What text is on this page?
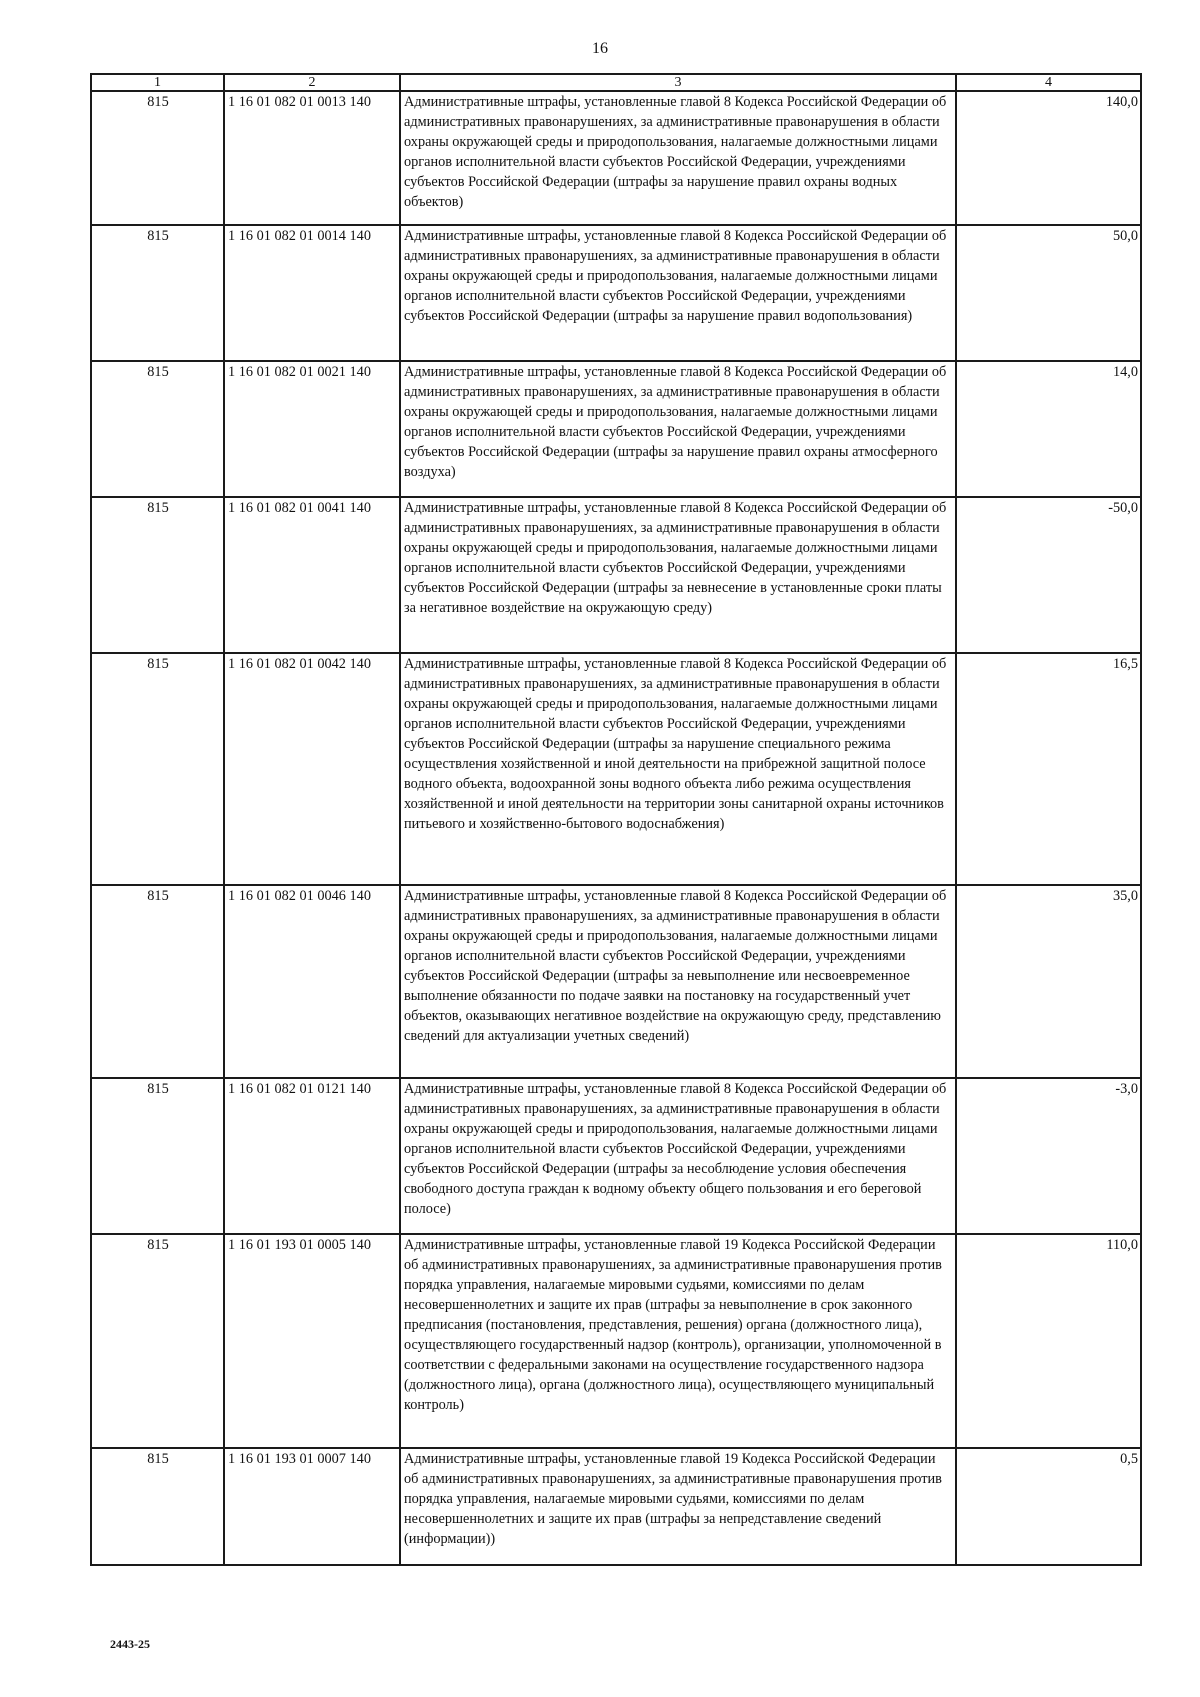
16
1	2	3	4
815	1 16 01 082 01 0013 140	Административные штрафы, установленные главой 8 Кодекса Российской Федерации об административных правонарушениях, за административные правонарушения в области охраны окружающей среды и природопользования, налагаемые должностными лицами органов исполнительной власти субъектов Российской Федерации, учреждениями субъектов Российской Федерации (штрафы за нарушение правил охраны водных объектов)	140,0
815	1 16 01 082 01 0014 140	Административные штрафы, установленные главой 8 Кодекса Российской Федерации об административных правонарушениях, за административные правонарушения в области охраны окружающей среды и природопользования, налагаемые должностными лицами органов исполнительной власти субъектов Российской Федерации, учреждениями субъектов Российской Федерации (штрафы за нарушение правил водопользования)	50,0
815	1 16 01 082 01 0021 140	Административные штрафы, установленные главой 8 Кодекса Российской Федерации об административных правонарушениях, за административные правонарушения в области охраны окружающей среды и природопользования, налагаемые должностными лицами органов исполнительной власти субъектов Российской Федерации, учреждениями субъектов Российской Федерации (штрафы за нарушение правил охраны атмосферного воздуха)	14,0
815	1 16 01 082 01 0041 140	Административные штрафы, установленные главой 8 Кодекса Российской Федерации об административных правонарушениях, за административные правонарушения в области охраны окружающей среды и природопользования, налагаемые должностными лицами органов исполнительной власти субъектов Российской Федерации, учреждениями субъектов Российской Федерации (штрафы за невнесение в установленные сроки платы за негативное воздействие на окружающую среду)	-50,0
815	1 16 01 082 01 0042 140	Административные штрафы, установленные главой 8 Кодекса Российской Федерации об административных правонарушениях, за административные правонарушения в области охраны окружающей среды и природопользования, налагаемые должностными лицами органов исполнительной власти субъектов Российской Федерации, учреждениями субъектов Российской Федерации (штрафы за нарушение специального режима осуществления хозяйственной и иной деятельности на прибрежной защитной полосе водного объекта, водоохранной зоны водного объекта либо режима осуществления хозяйственной и иной деятельности на территории зоны санитарной охраны источников питьевого и хозяйственно-бытового водоснабжения)	16,5
815	1 16 01 082 01 0046 140	Административные штрафы, установленные главой 8 Кодекса Российской Федерации об административных правонарушениях, за административные правонарушения в области охраны окружающей среды и природопользования, налагаемые должностными лицами органов исполнительной власти субъектов Российской Федерации, учреждениями субъектов Российской Федерации (штрафы за невыполнение или несвоевременное выполнение обязанности по подаче заявки на постановку на государственный учет объектов, оказывающих негативное воздействие на окружающую среду, представлению сведений для актуализации учетных сведений)	35,0
815	1 16 01 082 01 0121 140	Административные штрафы, установленные главой 8 Кодекса Российской Федерации об административных правонарушениях, за административные правонарушения в области охраны окружающей среды и природопользования, налагаемые должностными лицами органов исполнительной власти субъектов Российской Федерации, учреждениями субъектов Российской Федерации (штрафы за несоблюдение условия обеспечения свободного доступа граждан к водному объекту общего пользования и его береговой полосе)	-3,0
815	1 16 01 193 01 0005 140	Административные штрафы, установленные главой 19 Кодекса Российской Федерации об административных правонарушениях, за административные правонарушения против порядка управления, налагаемые мировыми судьями, комиссиями по делам несовершеннолетних и защите их прав (штрафы за невыполнение в срок законного предписания (постановления, представления, решения) органа (должностного лица), осуществляющего государственный надзор (контроль), организации, уполномоченной в соответствии с федеральными законами на осуществление государственного надзора (должностного лица), органа (должностного лица), осуществляющего муниципальный контроль)	110,0
815	1 16 01 193 01 0007 140	Административные штрафы, установленные главой 19 Кодекса Российской Федерации об административных правонарушениях, за административные правонарушения против порядка управления, налагаемые мировыми судьями, комиссиями по делам несовершеннолетних и защите их прав (штрафы за непредставление сведений (информации))	0,5
2443-25
